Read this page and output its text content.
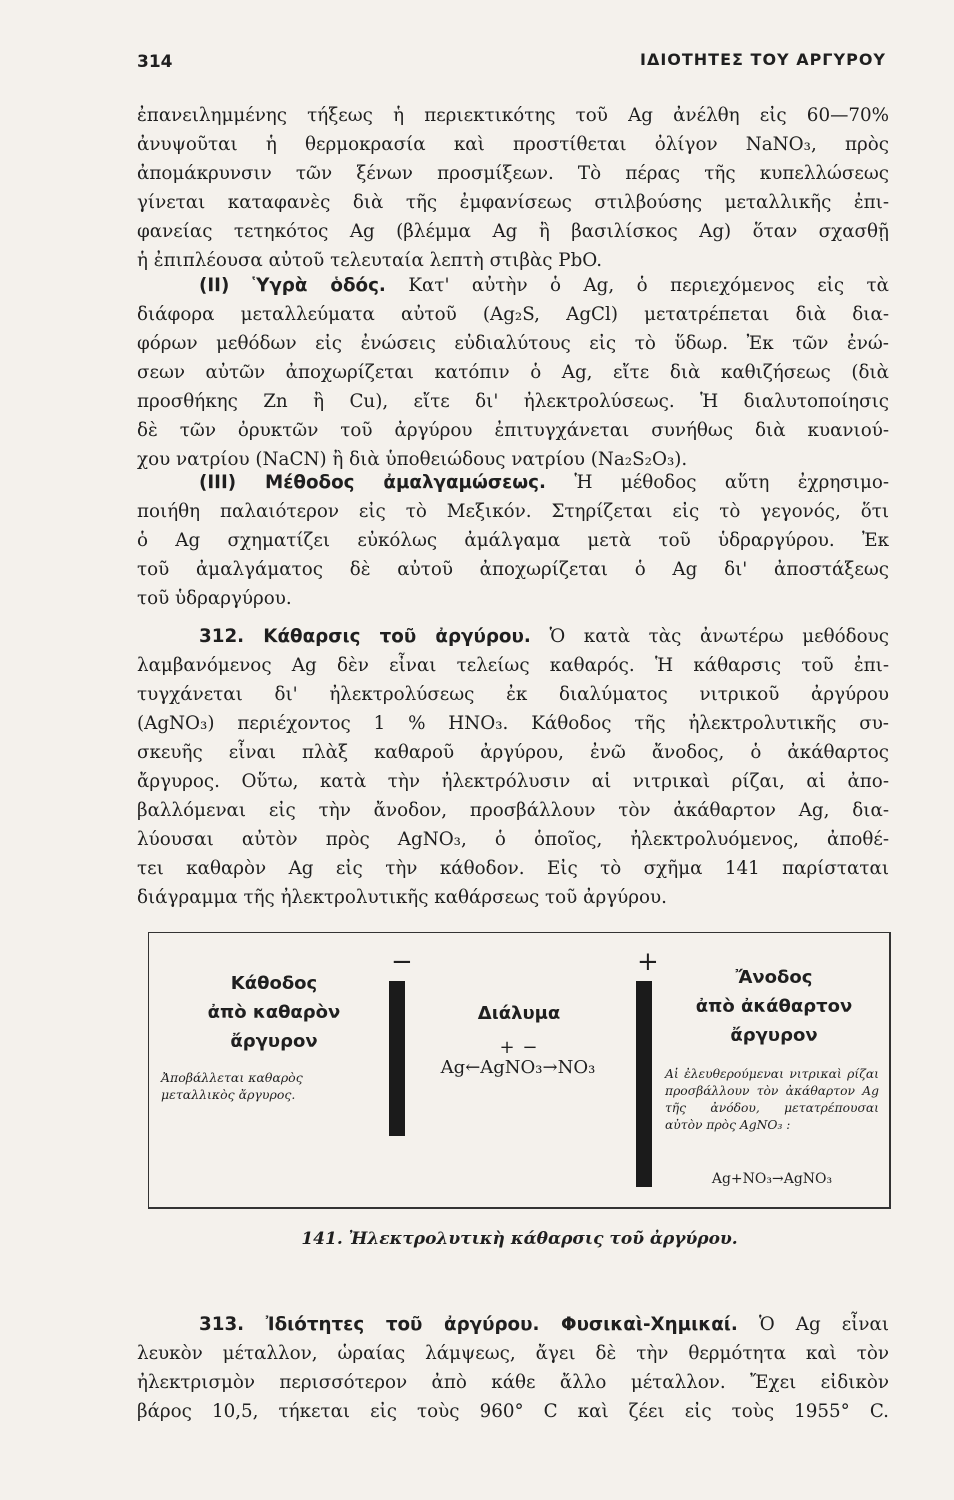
314	ΙΔΙΟΤΗΤΕΣ ΤΟΥ ΑΡΓΥΡΟΥ
ἐπανειλημμένης τήξεως ἡ περιεκτικότης τοῦ Ag ἀνέλθη εἰς 60—70%
ἀνυψοῦται ἡ θερμοκρασία καὶ προστίθεται ὀλίγον NaNO₃, πρὸς
ἀπομάκρυνσιν τῶν ξένων προσμίξεων. Τὸ πέρας τῆς κυπελλώσεως
γίνεται καταφανὲς διὰ τῆς ἐμφανίσεως στιλβούσης μεταλλικῆς ἐπι-
φανείας τετηκότος Ag (βλέμμα Ag ἢ βασιλίσκος Ag) ὅταν σχασθῇ
ἡ ἐπιπλέουσα αὐτοῦ τελευταία λεπτὴ στιβὰς PbO.
(ΙΙ) Ὑγρὰ ὁδός. Κατ' αὐτὴν ὁ Ag, ὁ περιεχόμενος εἰς τὰ
διάφορα μεταλλεύματα αὐτοῦ (Ag₂S, AgCl) μετατρέπεται διὰ δια-
φόρων μεθόδων εἰς ἐνώσεις εὐδιαλύτους εἰς τὸ ὕδωρ. Ἐκ τῶν ἐνώ-
σεων αὐτῶν ἀποχωρίζεται κατόπιν ὁ Ag, εἴτε διὰ καθιζήσεως (διὰ
προσθήκης Zn ἢ Cu), εἴτε δι' ἠλεκτρολύσεως. Ἡ διαλυτοποίησις
δὲ τῶν ὀρυκτῶν τοῦ ἀργύρου ἐπιτυγχάνεται συνήθως διὰ κυανιού-
χου νατρίου (NaCN) ἢ διὰ ὑποθειώδους νατρίου (Na₂S₂O₃).
(ΙΙΙ) Μέθοδος ἀμαλγαμώσεως. Ἡ μέθοδος αὕτη ἐχρησιμο-
ποιήθη παλαιότερον εἰς τὸ Μεξικόν. Στηρίζεται εἰς τὸ γεγονός, ὅτι
ὁ Ag σχηματίζει εὐκόλως ἀμάλγαμα μετὰ τοῦ ὑδραργύρου. Ἐκ
τοῦ ἀμαλγάματος δὲ αὐτοῦ ἀποχωρίζεται ὁ Ag δι' ἀποστάξεως
τοῦ ὑδραργύρου.
312. Κάθαρσις τοῦ ἀργύρου. Ὁ κατὰ τὰς ἀνωτέρω μεθόδους
λαμβανόμενος Ag δὲν εἶναι τελείως καθαρός. Ἡ κάθαρσις τοῦ ἐπι-
τυγχάνεται δι' ἠλεκτρολύσεως ἐκ διαλύματος νιτρικοῦ ἀργύρου
(AgNO₃) περιέχοντος 1 % HNO₃. Κάθοδος τῆς ἠλεκτρολυτικῆς συ-
σκευῆς εἶναι πλὰξ καθαροῦ ἀργύρου, ἐνῶ ἄνοδος, ὁ ἀκάθαρτος
ἄργυρος. Οὕτω, κατὰ τὴν ἠλεκτρόλυσιν αἱ νιτρικαὶ ρίζαι, αἱ ἀπο-
βαλλόμεναι εἰς τὴν ἄνοδον, προσβάλλουν τὸν ἀκάθαρτον Ag, δια-
λύουσαι αὐτὸν πρὸς AgNO₃, ὁ ὁποῖος, ἠλεκτρολυόμενος, ἀποθέ-
τει καθαρὸν Ag εἰς τὴν κάθοδον. Εἰς τὸ σχῆμα 141 παρίσταται
διάγραμμα τῆς ἠλεκτρολυτικῆς καθάρσεως τοῦ ἀργύρου.
−	+
Κάθοδος
ἀπὸ καθαρὸν
ἄργυρον
Ἀποβάλλεται καθαρὸς
μεταλλικὸς ἄργυρος.
Διάλυμα
+ −
Ag←AgNO₃→NO₃
Ἄνοδος
ἀπὸ ἀκάθαρτον
ἄργυρον
Αἱ ἐλευθερούμεναι νιτρικαὶ ρίζαι προσβάλλουν τὸν ἀκάθαρτον Ag τῆς ἀνόδου, μετατρέπουσαι αὐτὸν πρὸς AgNO₃ :
Ag+NO₃→AgNO₃
141. Ἠλεκτρολυτικὴ κάθαρσις τοῦ ἀργύρου.
313. Ἰδιότητες τοῦ ἀργύρου. Φυσικαὶ-Χημικαί. Ὁ Ag εἶναι
λευκὸν μέταλλον, ὡραίας λάμψεως, ἄγει δὲ τὴν θερμότητα καὶ τὸν
ἠλεκτρισμὸν περισσότερον ἀπὸ κάθε ἄλλο μέταλλον. Ἔχει εἰδικὸν
βάρος 10,5, τήκεται εἰς τοὺς 960° C καὶ ζέει εἰς τοὺς 1955° C.
